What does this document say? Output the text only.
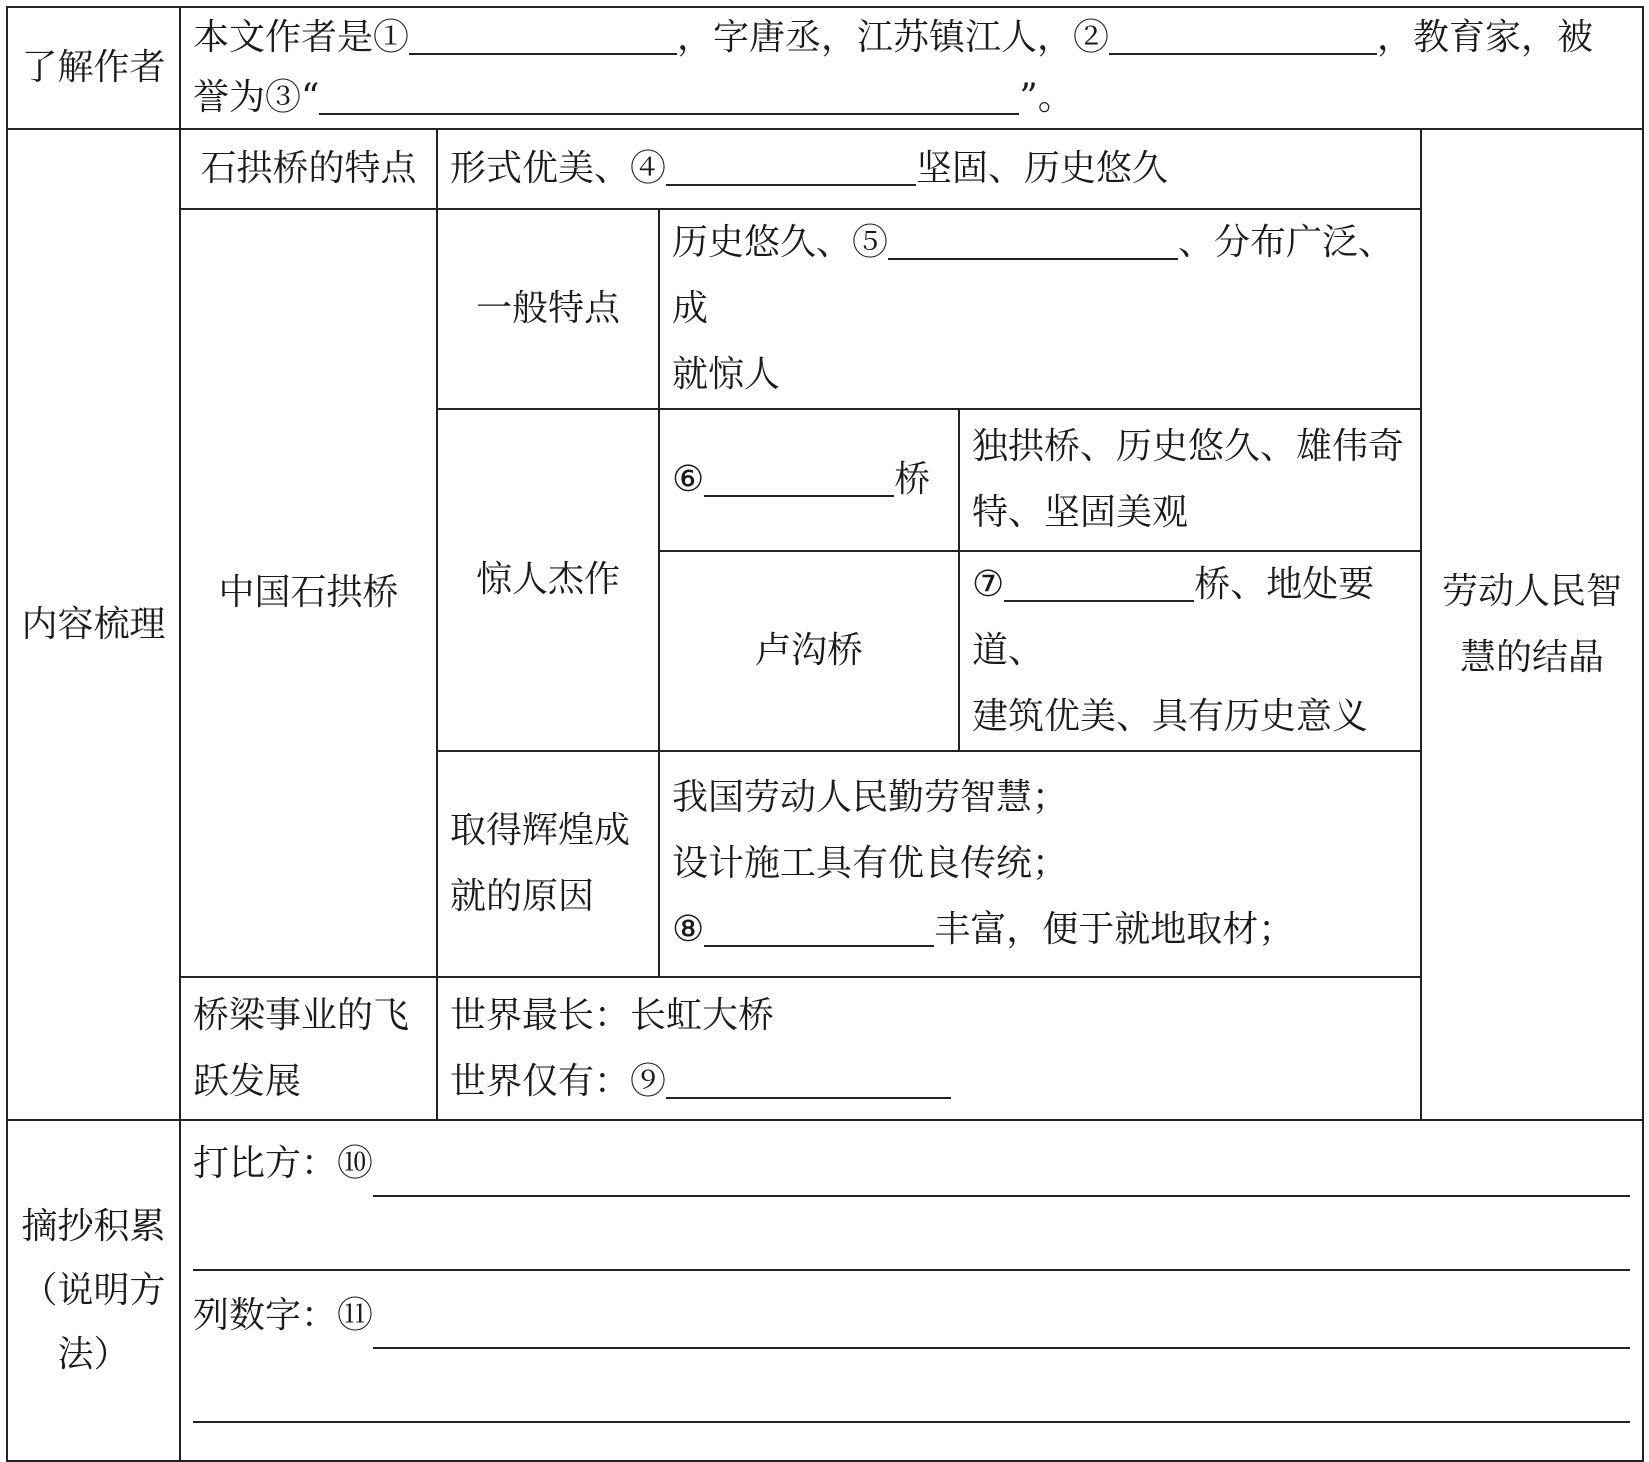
了解作者	本文作者是① ，字唐丞，江苏镇江人，② ，教育家，被
誉为③“ ”。				
内容梳理	石拱桥的特点	形式优美、④ 坚固、历史悠久			劳动人民智慧的结晶
	中国石拱桥	一般特点	历史悠久、⑤ 、分布广泛、成
就惊人		
		惊人杰作	⑥ 桥	独拱桥、历史悠久、雄伟奇特、坚固美观	
			卢沟桥	⑦ 桥、地处要道、
建筑优美、具有历史意义	
		取得辉煌成就的原因	我国劳动人民勤劳智慧；
设计施工具有优良传统；
⑧ 丰富，便于就地取材；		
	桥梁事业的飞跃发展	世界最长：长虹大桥
世界仅有：⑨			

摘抄积累（说明方法）	打比方：⑩
列数字：⑪				
